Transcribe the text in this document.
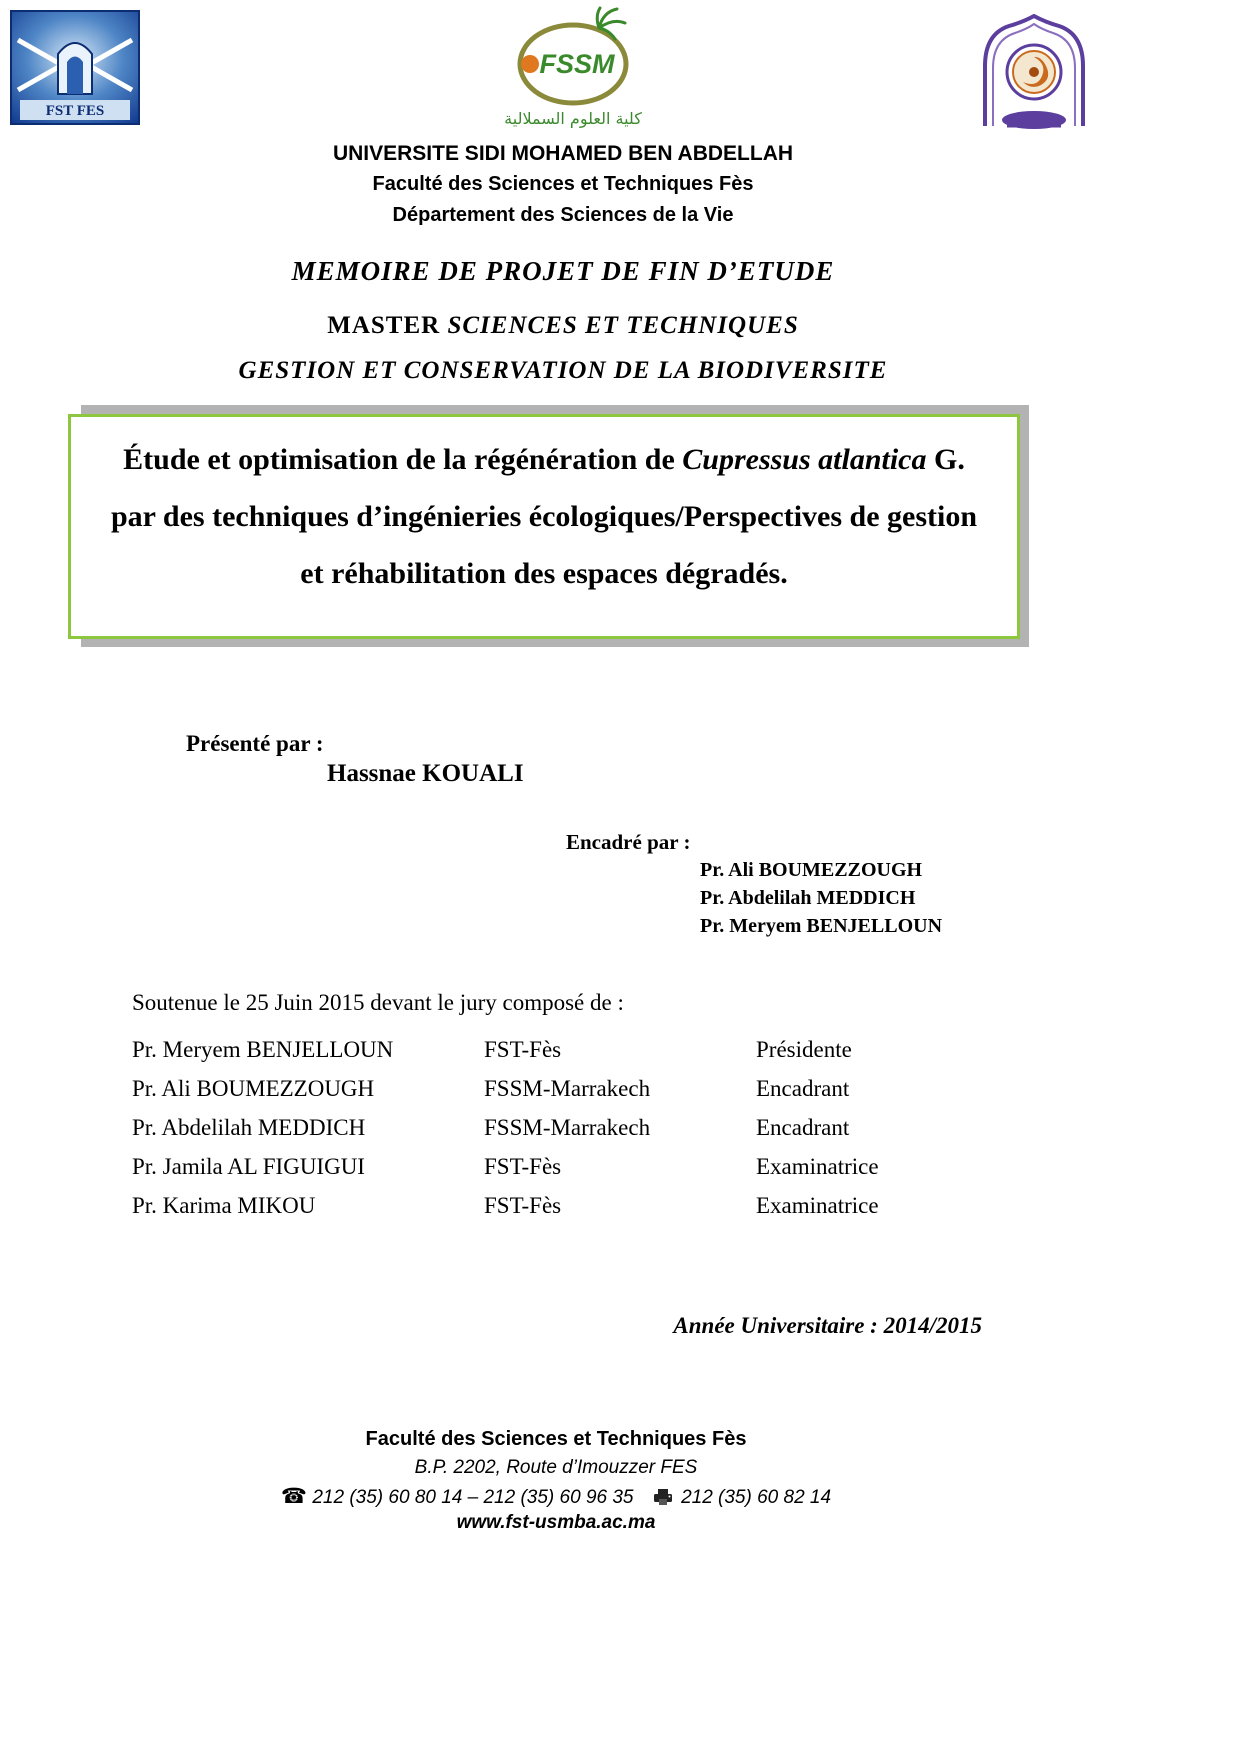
FST FES
FSSM
كلية العلوم السملالية
UNIVERSITE SIDI MOHAMED BEN ABDELLAH
Faculté des Sciences et Techniques Fès
Département des Sciences de la Vie
MEMOIRE DE PROJET DE FIN D’ETUDE
MASTER SCIENCES ET TECHNIQUES
GESTION ET CONSERVATION DE LA BIODIVERSITE
Étude et optimisation de la régénération de Cupressus atlantica G. par des techniques d’ingénieries écologiques/Perspectives de gestion et réhabilitation des espaces dégradés.
Présenté par :
Hassnae KOUALI
Encadré par :
Pr. Ali BOUMEZZOUGH
Pr. Abdelilah MEDDICH
Pr. Meryem BENJELLOUN
Soutenue le 25 Juin 2015 devant le jury composé de :
Pr. Meryem BENJELLOUN	FST-Fès	Présidente
Pr. Ali BOUMEZZOUGH	FSSM-Marrakech	Encadrant
Pr. Abdelilah MEDDICH	FSSM-Marrakech	Encadrant
Pr. Jamila AL FIGUIGUI	FST-Fès	Examinatrice
Pr. Karima MIKOU	FST-Fès	Examinatrice
Année Universitaire : 2014/2015
Faculté des Sciences et Techniques Fès
B.P. 2202, Route d’Imouzzer FES
☎ 212 (35) 60 80 14 – 212 (35) 60 96 35	212 (35) 60 82 14
www.fst-usmba.ac.ma
